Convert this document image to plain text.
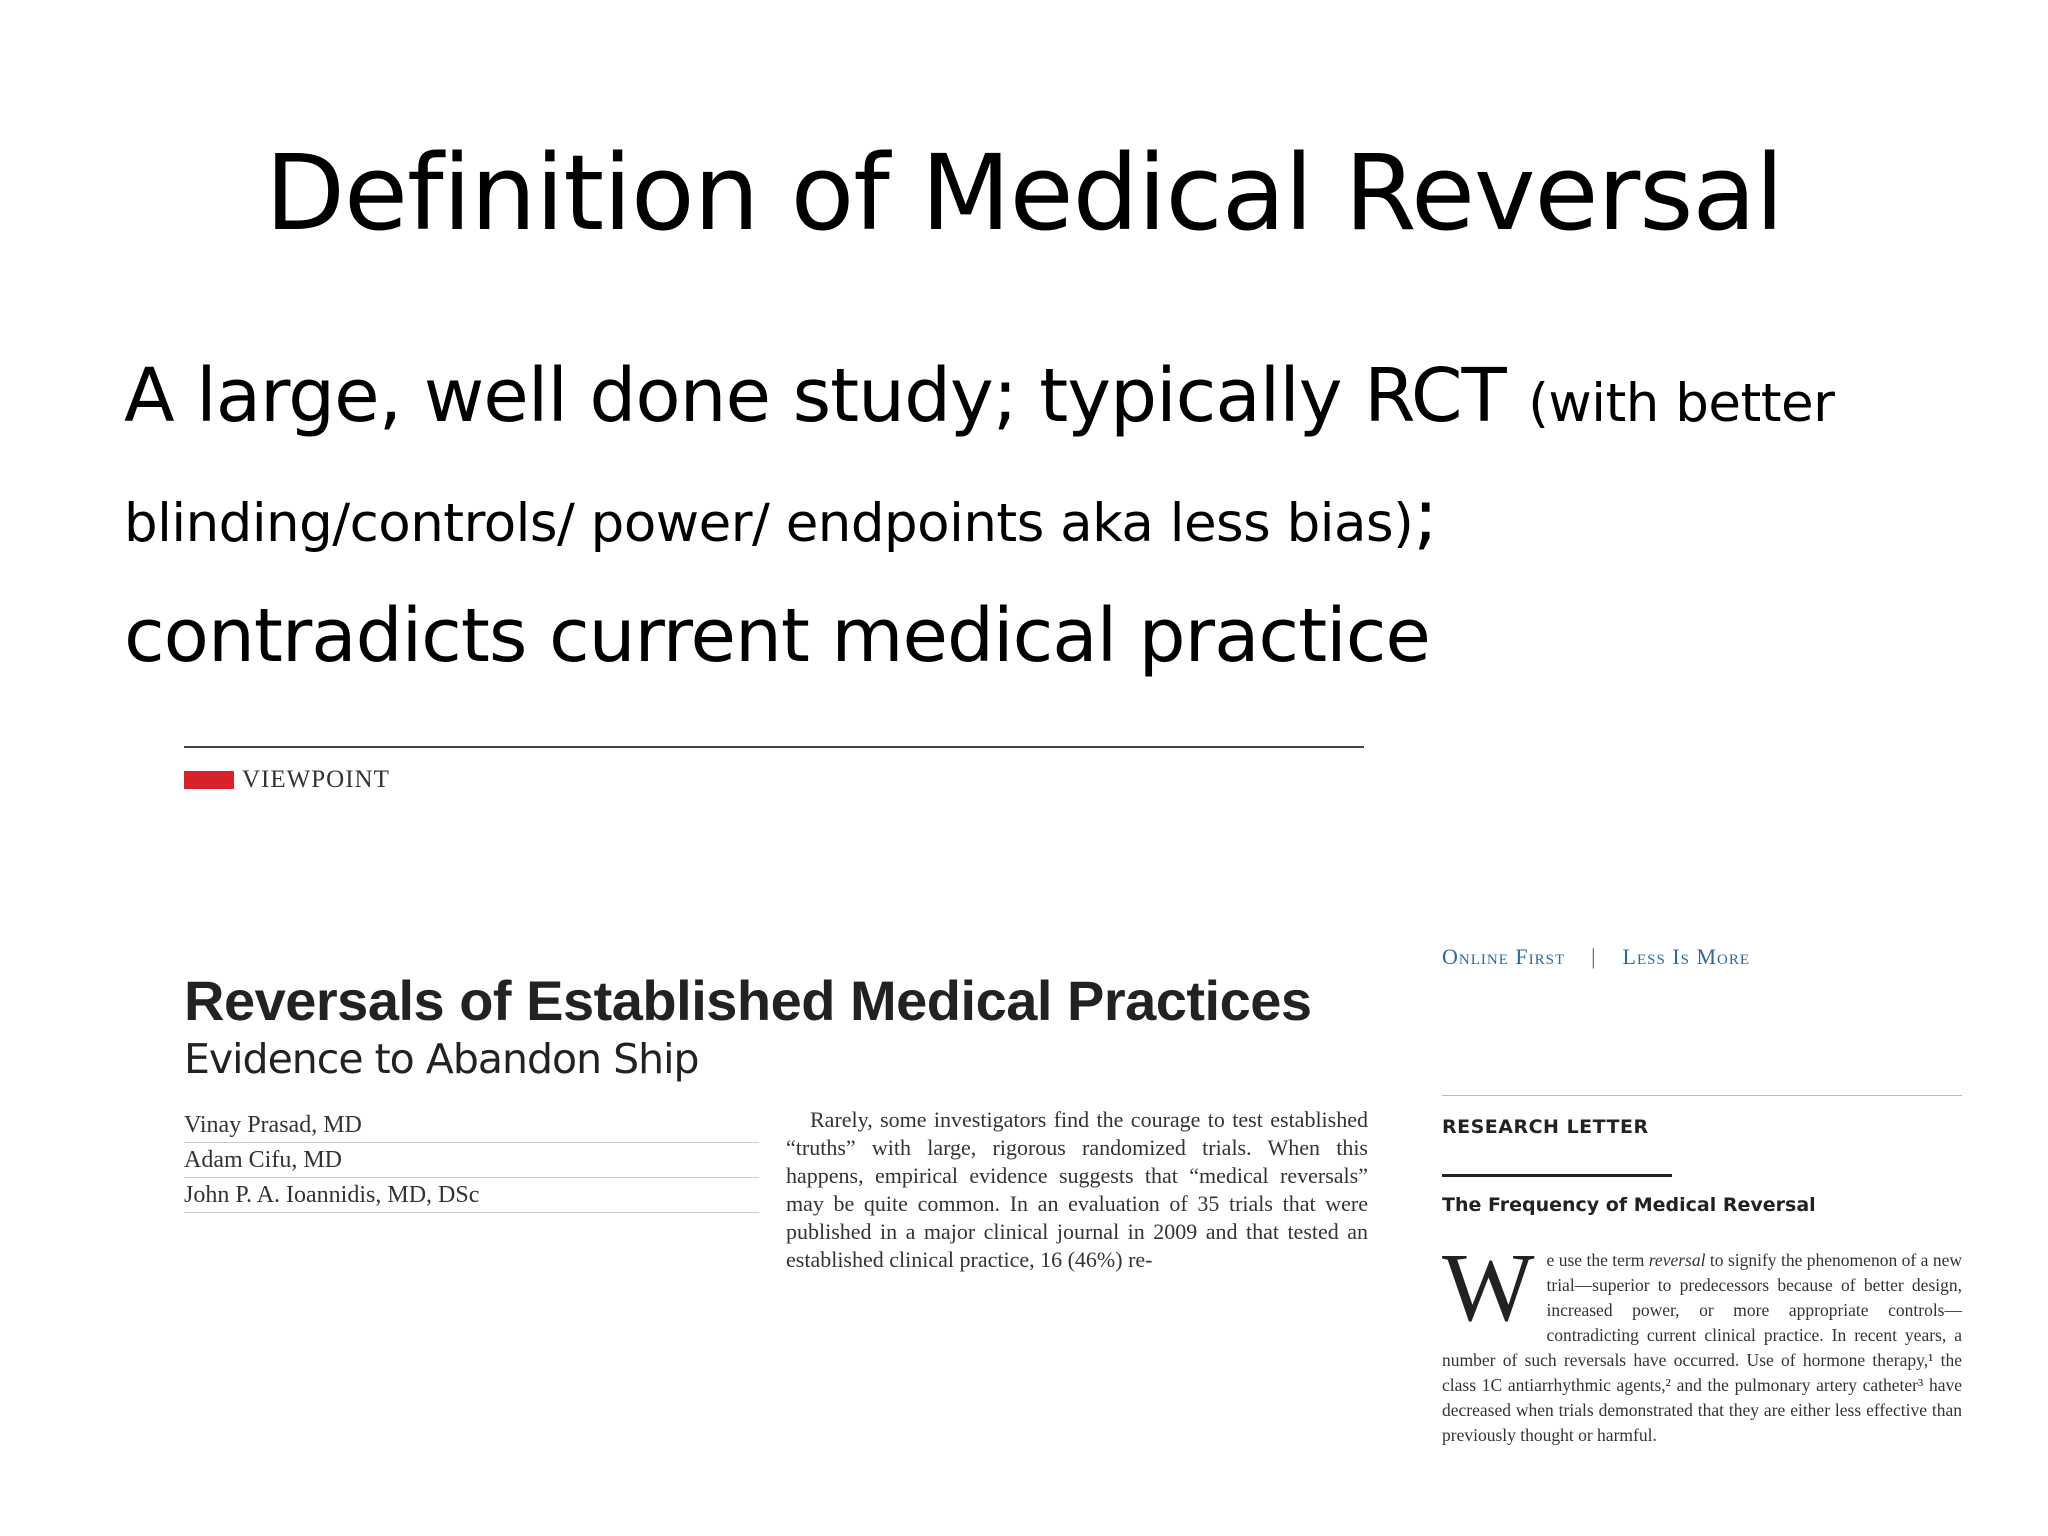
Definition of Medical Reversal

A large, well done study; typically RCT (with better blinding/controls/ power/ endpoints aka less bias);
contradicts current medical practice

VIEWPOINT
Reversals of Established Medical Practices
Evidence to Abandon Ship
Vinay Prasad, MD
Adam Cifu, MD
John P. A. Ioannidis, MD, DSc

Rarely, some investigators find the courage to test established “truths” with large, rigorous randomized trials. When this happens, empirical evidence suggests that “medical reversals” may be quite common. In an evaluation of 35 trials that were published in a major clinical journal in 2009 and that tested an established clinical practice, 16 (46%) re-

Online First | Less Is More
RESEARCH LETTER
The Frequency of Medical Reversal

We use the term reversal to signify the phenomenon of a new trial—superior to predecessors because of better design, increased power, or more appropriate controls—contradicting current clinical practice. In recent years, a number of such reversals have occurred. Use of hormone therapy,¹ the class 1C antiarrhythmic agents,² and the pulmonary artery catheter³ have decreased when trials demonstrated that they are either less effective than previously thought or harmful.
